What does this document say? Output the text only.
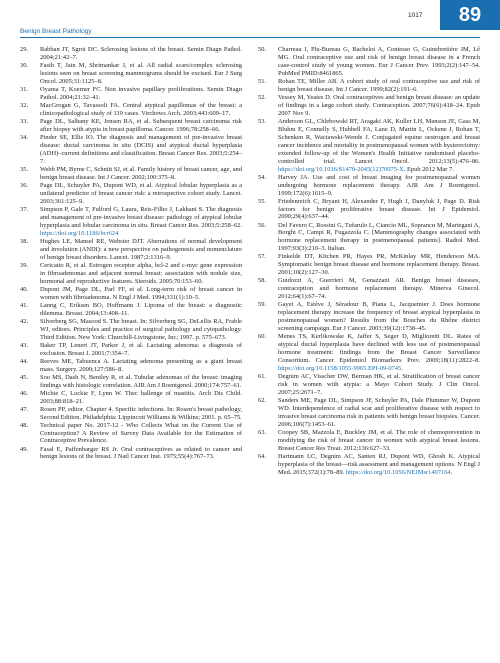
1017	89
Benign Breast Pathology
29.	Rabban JT, Sgroi DC. Sclerosing lesions of the breast. Semin Diagn Pathol. 2004;21:42–7.
30.	Fasih T, Jain M, Shrimankar J, et al. All radial scars/complex sclerosing lesions seen on breast screening mammograms should be excised. Eur J Surg Oncol. 2005;31:1125–8.
31.	Oyama T, Koerner FC. Non invasive papillary proliferations. Semin Diagn Pathol. 2004;21:32–41.
32.	MacGrogan G, Tavassoli FA. Central atypical papillomas of the breast: a clinicopathological study of 119 cases. Virchows Arch. 2003;443:609–17.
33.	Page DL, Salhany KE, Jensen RA, et al. Subsequent breast carcinoma risk after biopsy with atypia in breast papilloma. Cancer. 1996;78:258–66.
34.	Pinder SE, Ellis IO. The diagnosis and management of pre-invasive breast disease: ductal carcinoma in situ (DCIS) and atypical ductal hyperplasia (ADH)–current definitions and classification. Breast Cancer Res. 2003;5:254–7.
35.	Webb PM, Byrne C, Schnitt SJ, et al. Family history of breast cancer, age, and benign breast disease. Int J Cancer. 2002;100:375–8.
36.	Page DL, Schuyler PA, Dupont WD, et al. Atypical lobular hyperplasia as a unilateral predictor of breast cancer risk: a retrospective cohort study. Lancet. 2003;361:125–9.
37.	Simpson P, Gale T, Fulford G, Laura, Reis-Filho J, Lakhani S. The diagnosis and management of pre-invasive breast disease: pathology of atypical lobular hyperplasia and lobular carcinoma in situ. Breast Cancer Res. 2003;5:258–62. https://doi.org/10.1186/bcr624
38.	Hughes LE, Mansel RE, Webster DJT. Aberrations of normal development and involution (ANDI): a new perspective on pathogenesis and nomenclature of benign breast disorders. Lancet. 1987;2:1316–9.
39.	Cericatto R, et al. Estrogen receptor alpha, bcl-2 and c-myc gene expression in fibroadenomas and adjacent normal breast: association with nodule size, hormonal and reproductive features. Steroids. 2005;70:153–60.
40.	Dupont JM, Page DL, Parl FF, et al. Long-term risk of breast cancer in women with fibroadenoma. N Engl J Med. 1994;331(1):10–5.
41.	Lanng C, Eriksen BO, Hoffmann J. Lipoma of the breast: a diagnostic dilemma. Breast. 2004;13:408–11.
42.	Silverberg SG, Masood S. The breast. In: Silverberg SG, DeLellis RA, Frable WJ, editors. Principles and practice of surgical pathology and cytopathology. Third Edition. New York: Churchill-Livingstone, Inc; 1997. p. 575–673.
43.	Baker TP, Lenert JT, Parker J, et al. Lactating adenoma: a diagnosis of exclusion. Breast J. 2001;7:354–7.
44.	Reeves ME, Tabuenca A. Lactating adenoma presenting as a giant breast mass. Surgery. 2000;127:586–8.
45.	Soo MS, Dash N, Bentley R, et al. Tubular adenomas of the breast: imaging findings with histologic correlation. AJR Am J Roentgenol. 2000;174:757–61.
46.	Michie C, Lockie F, Lynn W. Thec hallenge of mastitis. Arch Dis Child. 2003;88:818–21.
47.	Rosen PP, editor. Chapter 4. Specific infections. In: Rosen's breast pathology, Second Edition. Philadelphia: Lippincott Williams & Wilkins; 2001. p. 65–75.
48.	Technical paper No. 2017-12 - Who Collects What on the Current Use of Contraception? A Review of Survey Data Available for the Estimation of Contraceptive Prevalence.
49.	Fasal E, Paffenbarger RS Jr. Oral contraceptives as related to cancer and benign lesions of the breast. J Natl Cancer Inst. 1975;55(4):767–73.
50.	Charreau I, Plu-Bureau G, Bachelot A, Contesso G, Guinebretière JM, Lê MG. Oral contraceptive use and risk of benign breast disease in a French case-control study of young women. Eur J Cancer Prev. 1993;2(2):147–54. PubMed PMID:8461865.
51.	Rohan TE, Miller AB. A cohort study of oral contraceptive use and risk of benign breast disease. Int J Cancer. 1999;82(2):191–6.
52.	Vessey M, Yeates D. Oral contraceptives and benign breast disease: an update of findings in a large cohort study. Contraception. 2007;76(6):418–24. Epub 2007 Nov 9.
53.	Anderson GL, Chlebowski RT, Aragaki AK, Kuller LH, Manson JE, Gass M, Bluhm E, Connelly S, Hubbell FA, Lane D, Martin L, Ockene J, Rohan T, Schenken R, Wactawski-Wende J. Conjugated equine oestrogen and breast cancer incidence and mortality in postmenopausal women with hysterectomy: extended follow-up of the Women's Health Initiative randomised placebo-controlled trial. Lancet Oncol. 2012;13(5):476–86. https://doi.org/10.1016/S1470-2045(12)70075-X. Epub 2012 Mar 7.
54.	Harvey JA. Use and cost of breast imaging for postmenopausal women undergoing hormone replacement therapy. AJR Am J Roentgenol. 1999;172(6):1615–9.
55.	Friedenreich C, Bryant H, Alexander F, Hugh J, Danyluk J, Page D. Risk factors for benign proliferative breast disease. Int J Epidemiol. 2000;29(4):637–44.
56.	Del Favero C, Rossini G, Tufarulo L, Ciancio ML, Sopranси M, Martegani A, Borghi C, Campi R, Fugazzola C. [Mammography changes associated with hormone replacement therapy in postmenopausal patients]. Radiol Med. 1997;93(3):210–3. Italian.
57.	Finkelde DT, Kitchen PR, Hayes PR, McKinlay MR, Henderson MA. Symptomatic benign breast disease and hormone replacement therapy. Breast. 2001;10(2):127–30.
58.	Guidozzi A, Guerrieri M, Genazzani AR. Benign breast diseases, contraception and hormone replacement therapy. Minerva Ginecol. 2012;64(1):67–74.
59.	Gayet A, Estève J, Séradour B, Piana L, Jacquemier J. Does hormone replacement therapy increase the frequency of breast atypical hyperplasia in postmenopausal women? Results from the Bouches du Rhône district screening campaign. Eur J Cancer. 2003;39(12):1738–45.
60.	Menes TS, Kerlikowske K, Jaffer S, Seger D, Miglioretti DL. Rates of atypical ductal hyperplasia have declined with less use of postmenopausal hormone treatment: findings from the Breast Cancer Surveillance Consortium. Cancer Epidemiol Biomarkers Prev. 2009;18(11):2822–8. https://doi.org/10.1158/1055-9965.EPI-09-0745.
61.	Degnim AC, Visscher DW, Berman HK, et al. Stratification of breast cancer risk in women with atypia: a Mayo Cohort Study. J Clin Oncol. 2007;25:2671–7.
62.	Sanders ME, Page DL, Simpson JF, Schuyler PA, Dale Plummer W, Dupont WD. Interdependence of radial scar and proliferative disease with respect to invasive breast carcinoma risk in patients with benign breast biopsies. Cancer. 2006;106(7):1453–61.
63.	Coopey SB, Mazzola E, Buckley JM, et al. The role of chemoprevention in modifying the risk of breast cancer in women with atypical breast lesions. Breast Cancer Res Treat. 2012;136:627–33.
64.	Hartmann LC, Degnim AC, Santen RJ, Dupont WD, Ghosh K. Atypical hyperplasia of the breast—risk assessment and management options. N Engl J Med. 2015;372(1):78–89. https://doi.org/10.1056/NEJMsr1407164.
